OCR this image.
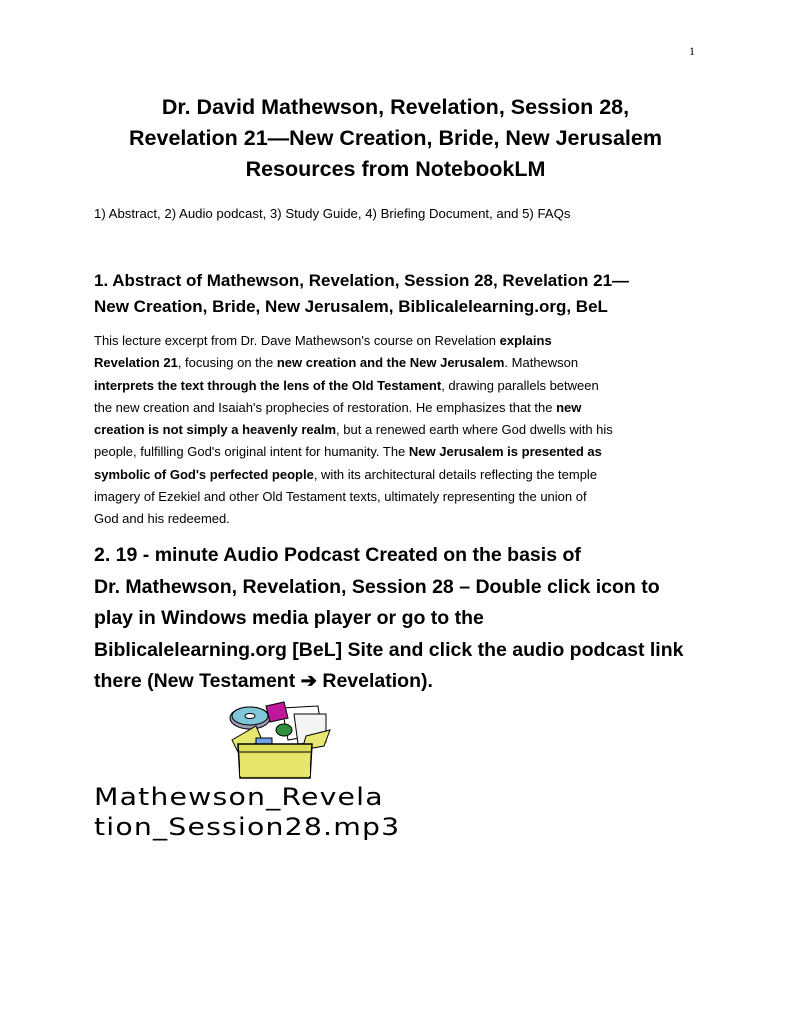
1
Dr. David Mathewson, Revelation, Session 28,
Revelation 21—New Creation, Bride, New Jerusalem
Resources from NotebookLM
1) Abstract, 2) Audio podcast, 3) Study Guide, 4) Briefing Document, and 5) FAQs
1. Abstract of Mathewson, Revelation, Session 28, Revelation 21—
New Creation, Bride, New Jerusalem, Biblicalelearning.org, BeL
This lecture excerpt from Dr. Dave Mathewson's course on Revelation explains
Revelation 21, focusing on the new creation and the New Jerusalem. Mathewson
interprets the text through the lens of the Old Testament, drawing parallels between
the new creation and Isaiah's prophecies of restoration. He emphasizes that the new
creation is not simply a heavenly realm, but a renewed earth where God dwells with his
people, fulfilling God's original intent for humanity. The New Jerusalem is presented as
symbolic of God's perfected people, with its architectural details reflecting the temple
imagery of Ezekiel and other Old Testament texts, ultimately representing the union of
God and his redeemed.
2. 19 - minute Audio Podcast Created on the basis of
Dr. Mathewson, Revelation, Session 28 – Double click icon to
play in Windows media player or go to the
Biblicalelearning.org [BeL] Site and click the audio podcast link
there (New Testament ➔ Revelation).
Mathewson_Revela
tion_Session28.mp3
